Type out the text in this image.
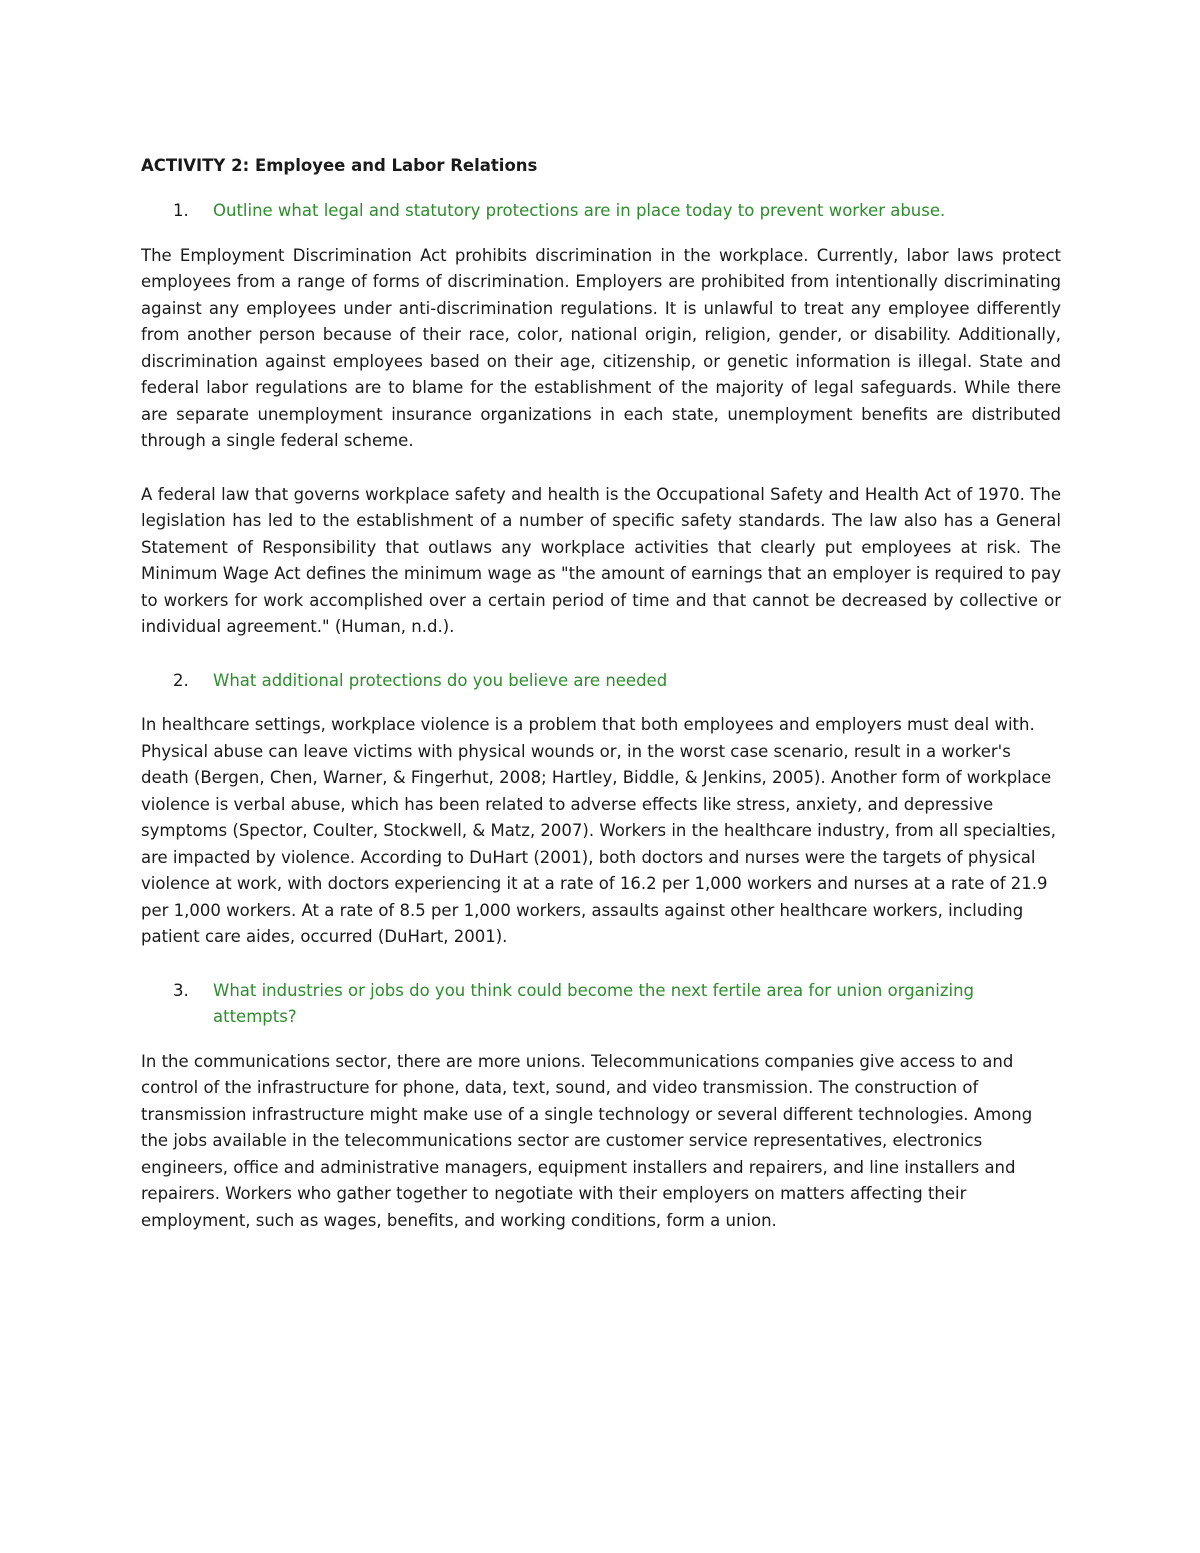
ACTIVITY 2: Employee and Labor Relations
1.	Outline what legal and statutory protections are in place today to prevent worker abuse.

The Employment Discrimination Act prohibits discrimination in the workplace. Currently, labor laws protect employees from a range of forms of discrimination. Employers are prohibited from intentionally discriminating against any employees under anti-discrimination regulations. It is unlawful to treat any employee differently from another person because of their race, color, national origin, religion, gender, or disability. Additionally, discrimination against employees based on their age, citizenship, or genetic information is illegal. State and federal labor regulations are to blame for the establishment of the majority of legal safeguards. While there are separate unemployment insurance organizations in each state, unemployment benefits are distributed through a single federal scheme.

A federal law that governs workplace safety and health is the Occupational Safety and Health Act of 1970. The legislation has led to the establishment of a number of specific safety standards. The law also has a General Statement of Responsibility that outlaws any workplace activities that clearly put employees at risk. The Minimum Wage Act defines the minimum wage as "the amount of earnings that an employer is required to pay to workers for work accomplished over a certain period of time and that cannot be decreased by collective or individual agreement." (Human, n.d.).

2.	What additional protections do you believe are needed

In healthcare settings, workplace violence is a problem that both employees and employers must deal with. Physical abuse can leave victims with physical wounds or, in the worst case scenario, result in a worker's death (Bergen, Chen, Warner, & Fingerhut, 2008; Hartley, Biddle, & Jenkins, 2005). Another form of workplace violence is verbal abuse, which has been related to adverse effects like stress, anxiety, and depressive symptoms (Spector, Coulter, Stockwell, & Matz, 2007). Workers in the healthcare industry, from all specialties, are impacted by violence. According to DuHart (2001), both doctors and nurses were the targets of physical violence at work, with doctors experiencing it at a rate of 16.2 per 1,000 workers and nurses at a rate of 21.9 per 1,000 workers. At a rate of 8.5 per 1,000 workers, assaults against other healthcare workers, including patient care aides, occurred (DuHart, 2001).

3.	What industries or jobs do you think could become the next fertile area for union organizing attempts?

In the communications sector, there are more unions. Telecommunications companies give access to and control of the infrastructure for phone, data, text, sound, and video transmission. The construction of transmission infrastructure might make use of a single technology or several different technologies. Among the jobs available in the telecommunications sector are customer service representatives, electronics engineers, office and administrative managers, equipment installers and repairers, and line installers and repairers. Workers who gather together to negotiate with their employers on matters affecting their employment, such as wages, benefits, and working conditions, form a union.
